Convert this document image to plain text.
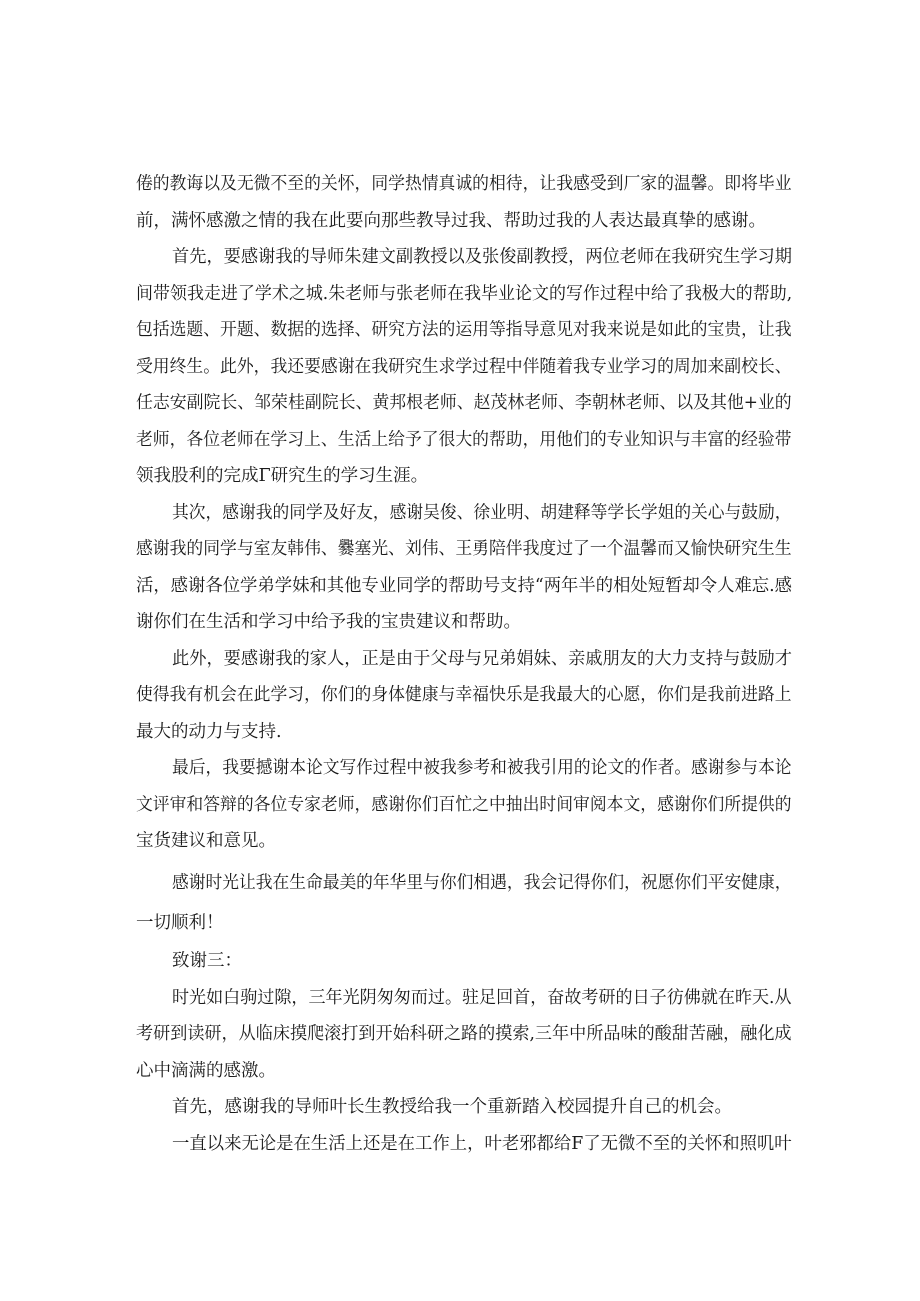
倦的教诲以及无微不至的关怀，同学热情真诚的相待，让我感受到厂家的温馨。即将毕业
前，满怀感激之情的我在此要向那些教导过我、帮助过我的人表达最真挚的感谢。
首先，要感谢我的导师朱建文副教授以及张俊副教授，两位老师在我研究生学习期
间带领我走进了学术之城.朱老师与张老师在我毕业论文的写作过程中给了我极大的帮助,
包括选题、开题、数据的选择、研究方法的运用等指导意见对我来说是如此的宝贵，让我
受用终生。此外，我还要感谢在我研究生求学过程中伴随着我专业学习的周加来副校长、
任志安副院长、邹荣桂副院长、黄邦根老师、赵茂林老师、李朝林老师、以及其他+业的
老师，各位老师在学习上、生活上给予了很大的帮助，用他们的专业知识与丰富的经验带
领我股利的完成Γ研究生的学习生涯。
其次，感谢我的同学及好友，感谢吴俊、徐业明、胡建释等学长学姐的关心与鼓励，
感谢我的同学与室友韩伟、爨塞光、刘伟、王勇陪伴我度过了一个温馨而又愉快研究生生
活，感谢各位学弟学妹和其他专业同学的帮助号支持“两年半的相处短暂却令人难忘.感
谢你们在生活和学习中给予我的宝贵建议和帮助。
此外，要感谢我的家人，正是由于父母与兄弟娟妹、亲戚朋友的大力支持与鼓励才
使得我有机会在此学习，你们的身体健康与幸福快乐是我最大的心愿，你们是我前进路上
最大的动力与支持.
最后，我要撼谢本论文写作过程中被我参考和被我引用的论文的作者。感谢参与本论
文评审和答辩的各位专家老师，感谢你们百忙之中抽出时间审阅本文，感谢你们所提供的
宝货建议和意见。
感谢时光让我在生命最美的年华里与你们相遇，我会记得你们，祝愿你们平安健康，
一切顺利！
致谢三：
时光如白驹过隙，三年光阴匆匆而过。驻足回首，奋故考研的日子彷佛就在昨天.从
考研到读研，从临床摸爬滚打到开始科研之路的摸索,三年中所品味的酸甜苦融，融化成
心中滴满的感激。
首先，感谢我的导师叶长生教授给我一个重新踏入校园提升自己的机会。
一直以来无论是在生活上还是在工作上，叶老邪都给F了无微不至的关怀和照叽叶
